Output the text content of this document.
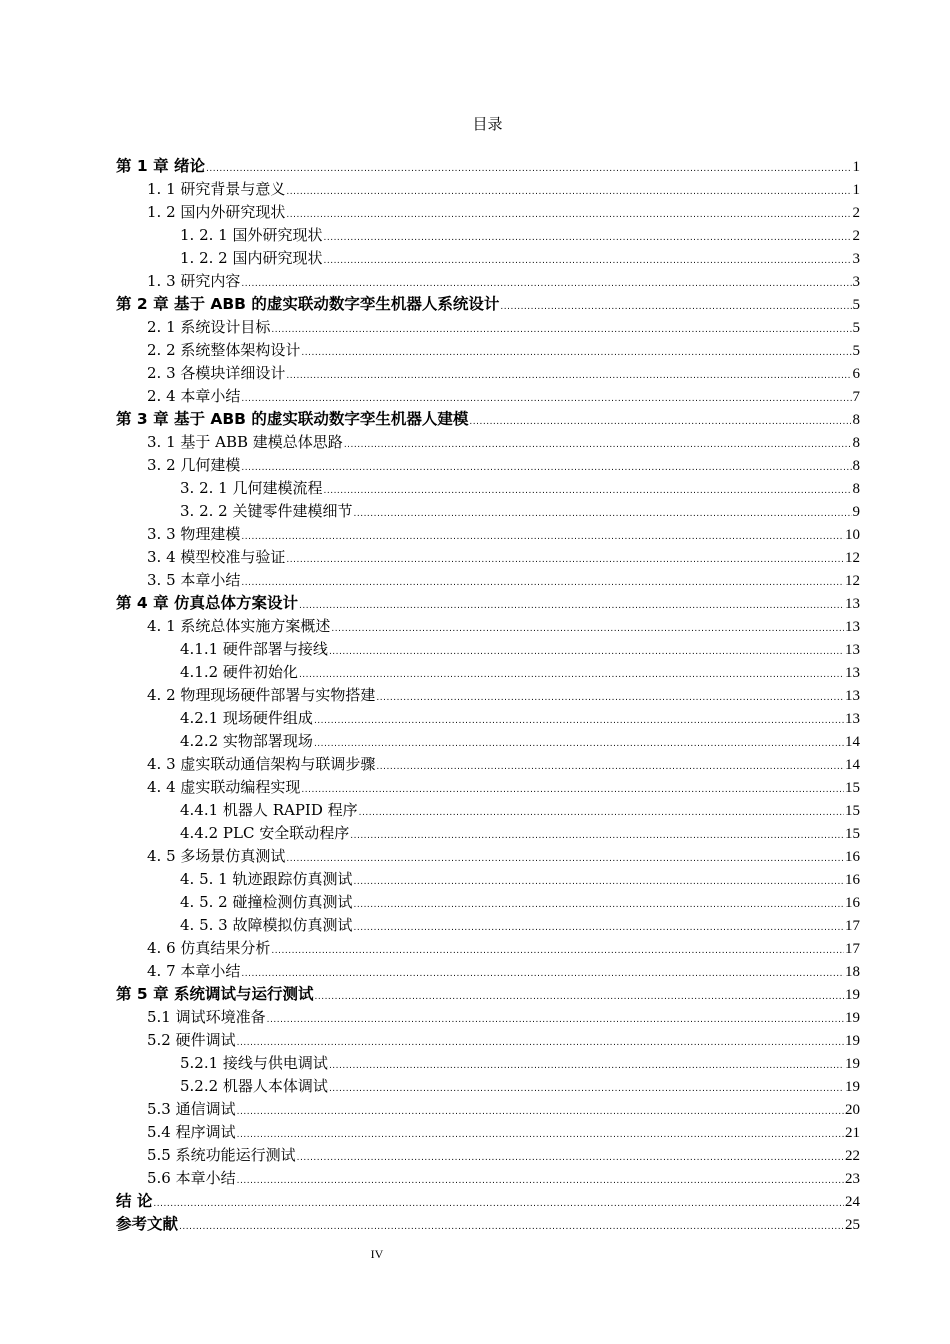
目录
第 1 章 绪论 .....	1
1. 1 研究背景与意义 .....	1
1. 2 国内外研究现状 .....	2
1. 2. 1 国外研究现状 .....	2
1. 2. 2 国内研究现状 .....	3
1. 3 研究内容 .....	3
第 2 章 基于 ABB 的虚实联动数字孪生机器人系统设计 .....	5
2. 1 系统设计目标 .....	5
2. 2 系统整体架构设计 .....	5
2. 3 各模块详细设计 .....	6
2. 4 本章小结 .....	7
第 3 章 基于 ABB 的虚实联动数字孪生机器人建模 .....	8
3. 1 基于 ABB 建模总体思路 .....	8
3. 2 几何建模 .....	8
3. 2. 1 几何建模流程 .....	8
3. 2. 2 关键零件建模细节 .....	9
3. 3 物理建模 .....	10
3. 4 模型校准与验证 .....	12
3. 5 本章小结 .....	12
第 4 章 仿真总体方案设计 .....	13
4. 1 系统总体实施方案概述 .....	13
4.1.1 硬件部署与接线 .....	13
4.1.2 硬件初始化 .....	13
4. 2 物理现场硬件部署与实物搭建 .....	13
4.2.1 现场硬件组成 .....	13
4.2.2 实物部署现场 .....	14
4. 3 虚实联动通信架构与联调步骤 .....	14
4. 4 虚实联动编程实现 .....	15
4.4.1 机器人 RAPID 程序 .....	15
4.4.2 PLC 安全联动程序 .....	15
4. 5 多场景仿真测试 .....	16
4. 5. 1 轨迹跟踪仿真测试 .....	16
4. 5. 2 碰撞检测仿真测试 .....	16
4. 5. 3 故障模拟仿真测试 .....	17
4. 6 仿真结果分析 .....	17
4. 7 本章小结 .....	18
第 5 章 系统调试与运行测试 .....	19
5.1 调试环境准备 .....	19
5.2 硬件调试 .....	19
5.2.1 接线与供电调试 .....	19
5.2.2 机器人本体调试 .....	19
5.3 通信调试 .....	20
5.4 程序调试 .....	21
5.5 系统功能运行测试 .....	22
5.6 本章小结 .....	23
结 论 .....	24
参考文献 .....	25
IV
